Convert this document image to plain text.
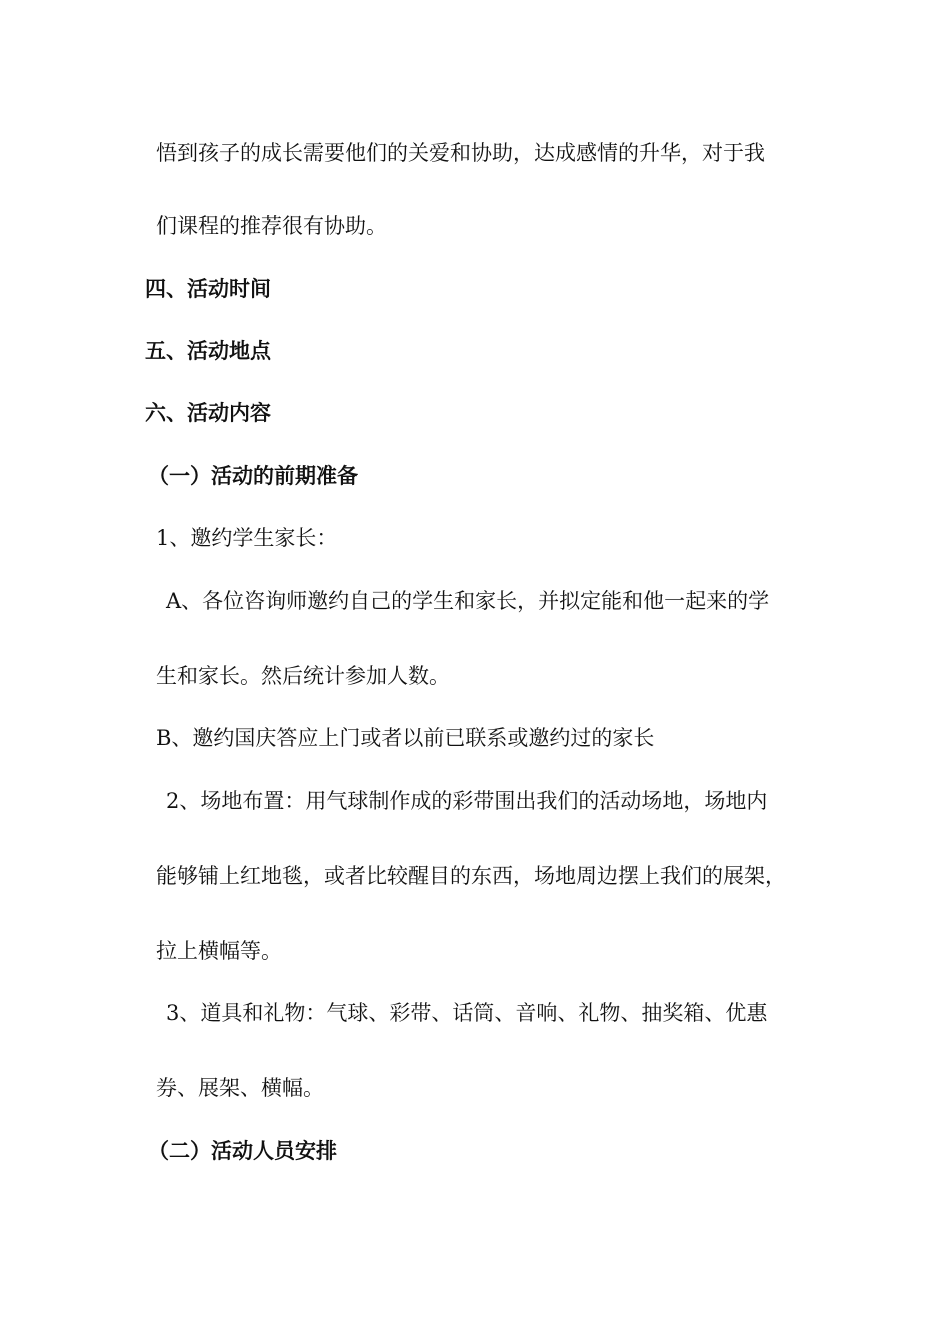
悟到孩子的成长需要他们的关爱和协助，达成感情的升华，对于我
们课程的推荐很有协助。
四、活动时间
五、活动地点
六、活动内容
（一）活动的前期准备
1、邀约学生家长：
A、各位咨询师邀约自己的学生和家长，并拟定能和他一起来的学
生和家长。然后统计参加人数。
B、邀约国庆答应上门或者以前已联系或邀约过的家长
2、场地布置：用气球制作成的彩带围出我们的活动场地，场地内
能够铺上红地毯，或者比较醒目的东西，场地周边摆上我们的展架，
拉上横幅等。
3、道具和礼物：气球、彩带、话筒、音响、礼物、抽奖箱、优惠
券、展架、横幅。
（二）活动人员安排
